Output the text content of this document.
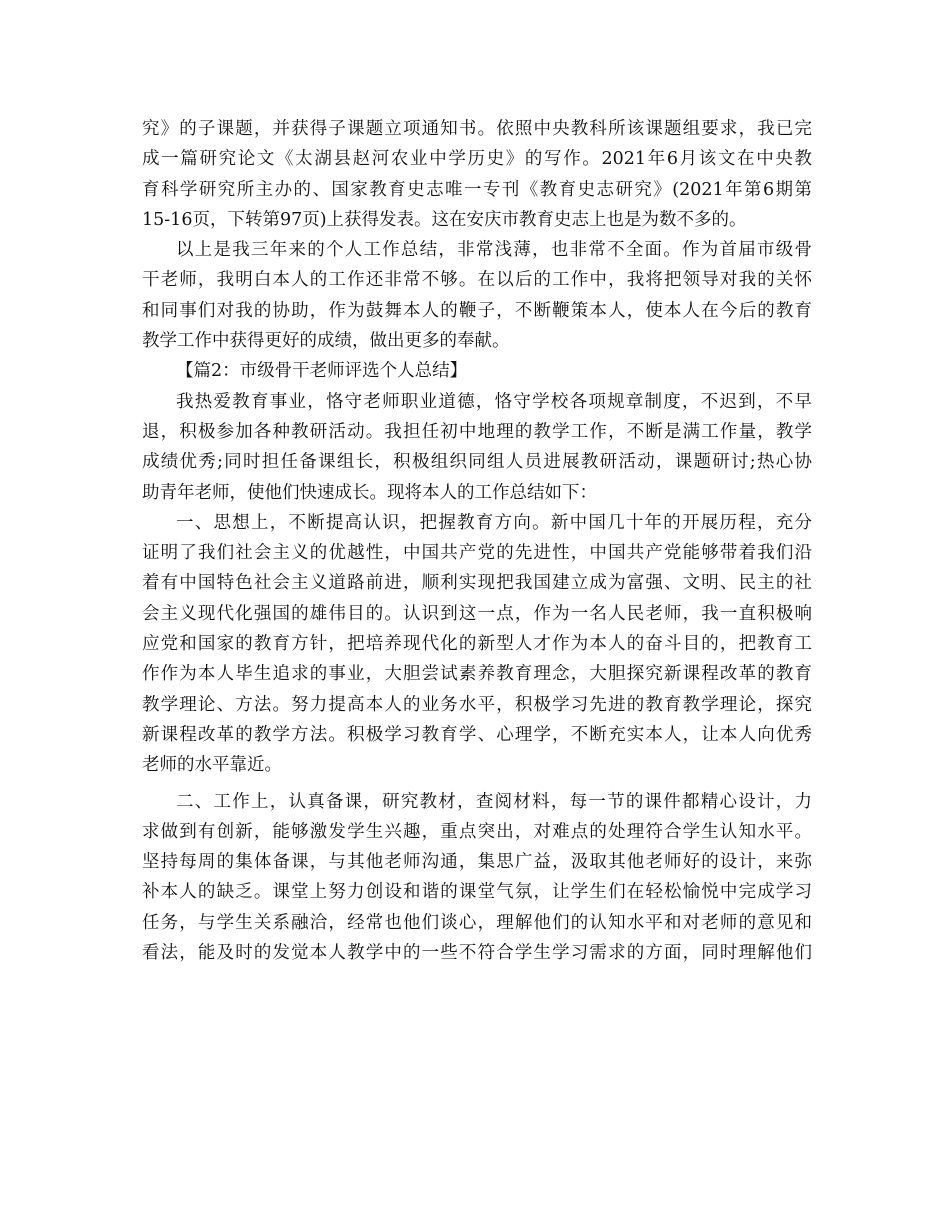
究》的子课题，并获得子课题立项通知书。依照中央教科所该课题组要求，我已完
成一篇研究论文《太湖县赵河农业中学历史》的写作。2021年6月该文在中央教
育科学研究所主办的、国家教育史志唯一专刊《教育史志研究》(2021年第6期第
15-16页，下转第97页)上获得发表。这在安庆市教育史志上也是为数不多的。
以上是我三年来的个人工作总结，非常浅薄，也非常不全面。作为首届市级骨
干老师，我明白本人的工作还非常不够。在以后的工作中，我将把领导对我的关怀
和同事们对我的协助，作为鼓舞本人的鞭子，不断鞭策本人，使本人在今后的教育
教学工作中获得更好的成绩，做出更多的奉献。
【篇2：市级骨干老师评选个人总结】
我热爱教育事业，恪守老师职业道德，恪守学校各项规章制度，不迟到，不早
退，积极参加各种教研活动。我担任初中地理的教学工作，不断是满工作量，教学
成绩优秀;同时担任备课组长，积极组织同组人员进展教研活动，课题研讨;热心协
助青年老师，使他们快速成长。现将本人的工作总结如下：
一、思想上，不断提高认识，把握教育方向。新中国几十年的开展历程，充分
证明了我们社会主义的优越性，中国共产党的先进性，中国共产党能够带着我们沿
着有中国特色社会主义道路前进，顺利实现把我国建立成为富强、文明、民主的社
会主义现代化强国的雄伟目的。认识到这一点，作为一名人民老师，我一直积极响
应党和国家的教育方针，把培养现代化的新型人才作为本人的奋斗目的，把教育工
作作为本人毕生追求的事业，大胆尝试素养教育理念，大胆探究新课程改革的教育
教学理论、方法。努力提高本人的业务水平，积极学习先进的教育教学理论，探究
新课程改革的教学方法。积极学习教育学、心理学，不断充实本人，让本人向优秀
老师的水平靠近。
二、工作上，认真备课，研究教材，查阅材料，每一节的课件都精心设计，力
求做到有创新，能够激发学生兴趣，重点突出，对难点的处理符合学生认知水平。
坚持每周的集体备课，与其他老师沟通，集思广益，汲取其他老师好的设计，来弥
补本人的缺乏。课堂上努力创设和谐的课堂气氛，让学生们在轻松愉悦中完成学习
任务，与学生关系融洽，经常也他们谈心，理解他们的认知水平和对老师的意见和
看法，能及时的发觉本人教学中的一些不符合学生学习需求的方面，同时理解他们
